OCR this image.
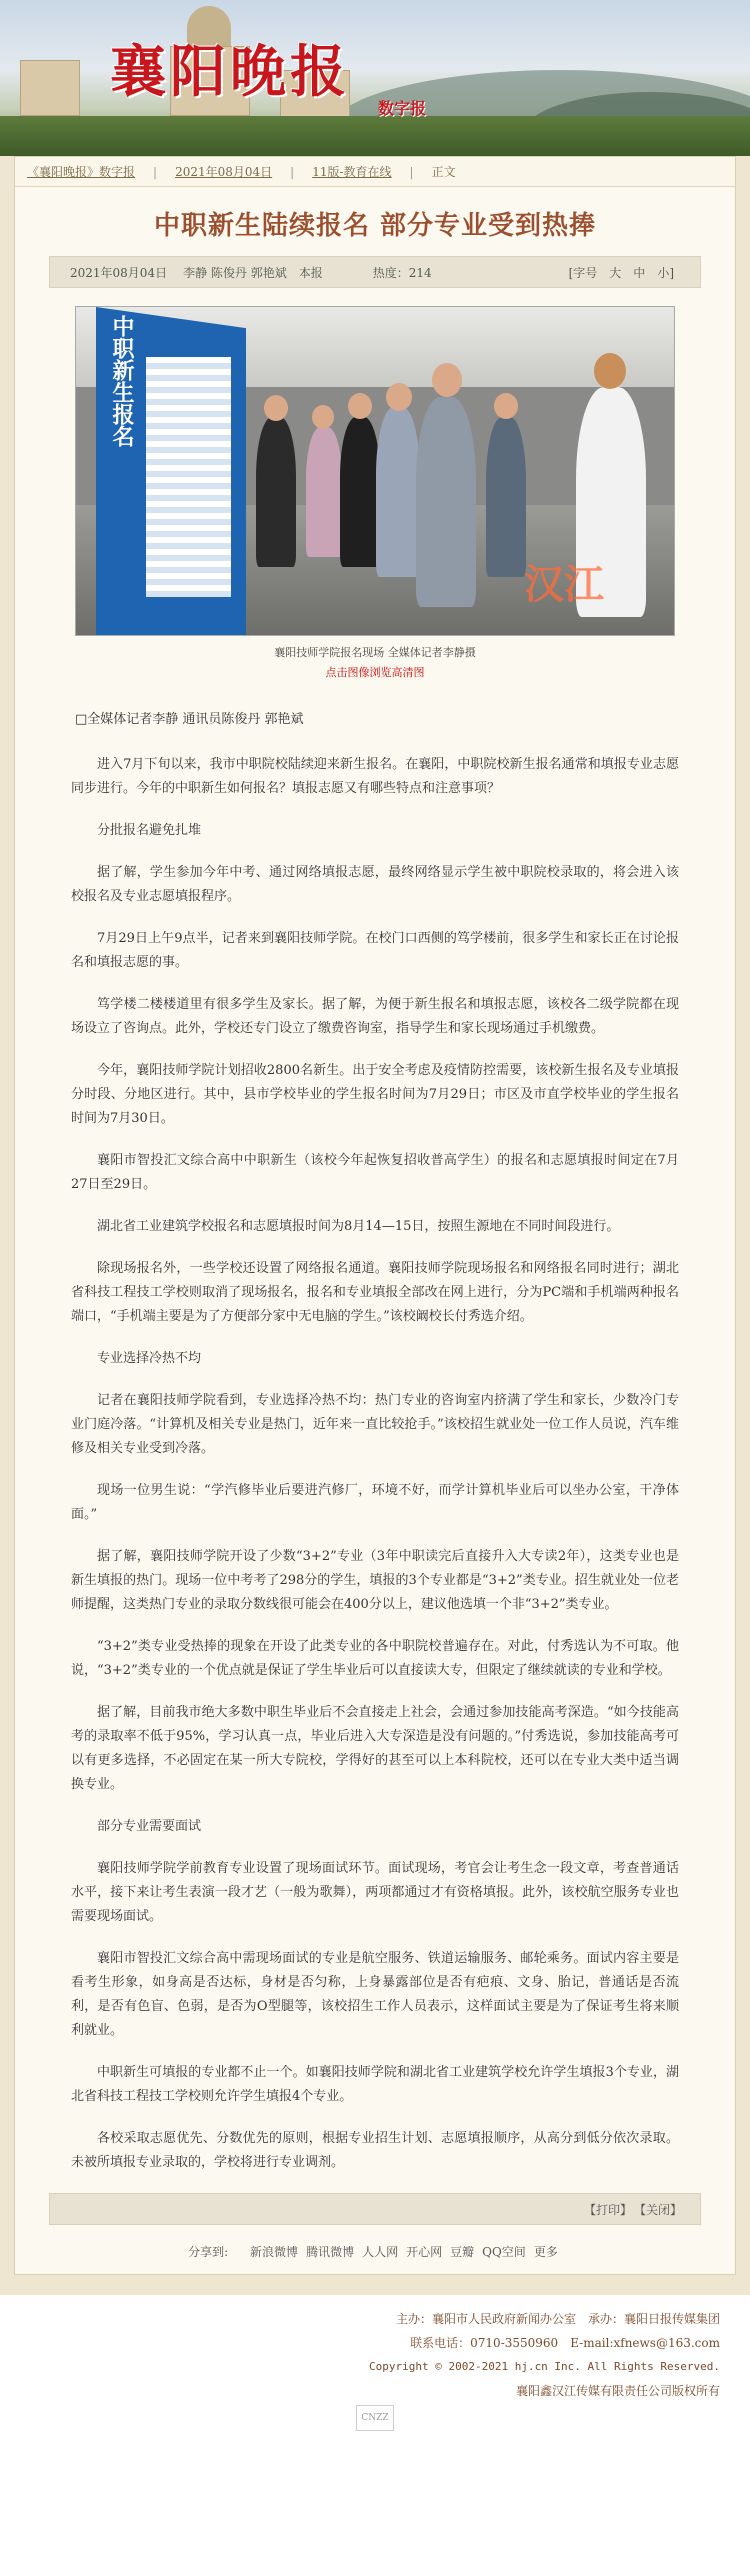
襄阳晚报
数字报
《襄阳晚报》数字报 | 2021年08月04日 | 11版-教育在线 | 正文
中职新生陆续报名 部分专业受到热捧
2021年08月04日 李静 陈俊丹 郭艳斌　本报	热度：214	[字号 大 中 小]
中职新生报名
汉江
襄阳技师学院报名现场 全媒体记者李静摄
点击图像浏览高清图
□全媒体记者李静 通讯员陈俊丹 郭艳斌
进入7月下旬以来，我市中职院校陆续迎来新生报名。在襄阳，中职院校新生报名通常和填报专业志愿同步进行。今年的中职新生如何报名？填报志愿又有哪些特点和注意事项？
分批报名避免扎堆
据了解，学生参加今年中考、通过网络填报志愿，最终网络显示学生被中职院校录取的，将会进入该校报名及专业志愿填报程序。
7月29日上午9点半，记者来到襄阳技师学院。在校门口西侧的笃学楼前，很多学生和家长正在讨论报名和填报志愿的事。
笃学楼二楼楼道里有很多学生及家长。据了解，为便于新生报名和填报志愿，该校各二级学院都在现场设立了咨询点。此外，学校还专门设立了缴费咨询室，指导学生和家长现场通过手机缴费。
今年，襄阳技师学院计划招收2800名新生。出于安全考虑及疫情防控需要，该校新生报名及专业填报分时段、分地区进行。其中，县市学校毕业的学生报名时间为7月29日；市区及市直学校毕业的学生报名时间为7月30日。
襄阳市智投汇文综合高中中职新生（该校今年起恢复招收普高学生）的报名和志愿填报时间定在7月27日至29日。
湖北省工业建筑学校报名和志愿填报时间为8月14—15日，按照生源地在不同时间段进行。
除现场报名外，一些学校还设置了网络报名通道。襄阳技师学院现场报名和网络报名同时进行；湖北省科技工程技工学校则取消了现场报名，报名和专业填报全部改在网上进行，分为PC端和手机端两种报名端口，“手机端主要是为了方便部分家中无电脑的学生。”该校阚校长付秀选介绍。
专业选择冷热不均
记者在襄阳技师学院看到，专业选择冷热不均：热门专业的咨询室内挤满了学生和家长，少数冷门专业门庭冷落。“计算机及相关专业是热门，近年来一直比较抢手。”该校招生就业处一位工作人员说，汽车维修及相关专业受到冷落。
现场一位男生说：“学汽修毕业后要进汽修厂，环境不好，而学计算机毕业后可以坐办公室，干净体面。”
据了解，襄阳技师学院开设了少数“3+2”专业（3年中职读完后直接升入大专读2年），这类专业也是新生填报的热门。现场一位中考考了298分的学生，填报的3个专业都是“3+2”类专业。招生就业处一位老师提醒，这类热门专业的录取分数线很可能会在400分以上，建议他选填一个非“3+2”类专业。
“3+2”类专业受热捧的现象在开设了此类专业的各中职院校普遍存在。对此，付秀选认为不可取。他说，“3+2”类专业的一个优点就是保证了学生毕业后可以直接读大专，但限定了继续就读的专业和学校。
据了解，目前我市绝大多数中职生毕业后不会直接走上社会，会通过参加技能高考深造。“如今技能高考的录取率不低于95%，学习认真一点，毕业后进入大专深造是没有问题的。”付秀选说，参加技能高考可以有更多选择，不必固定在某一所大专院校，学得好的甚至可以上本科院校，还可以在专业大类中适当调换专业。
部分专业需要面试
襄阳技师学院学前教育专业设置了现场面试环节。面试现场，考官会让考生念一段文章，考查普通话水平，接下来让考生表演一段才艺（一般为歌舞），两项都通过才有资格填报。此外，该校航空服务专业也需要现场面试。
襄阳市智投汇文综合高中需现场面试的专业是航空服务、铁道运输服务、邮轮乘务。面试内容主要是看考生形象，如身高是否达标，身材是否匀称，上身暴露部位是否有疤痕、文身、胎记，普通话是否流利，是否有色盲、色弱，是否为O型腿等，该校招生工作人员表示，这样面试主要是为了保证考生将来顺利就业。
中职新生可填报的专业都不止一个。如襄阳技师学院和湖北省工业建筑学校允许学生填报3个专业，湖北省科技工程技工学校则允许学生填报4个专业。
各校采取志愿优先、分数优先的原则，根据专业招生计划、志愿填报顺序，从高分到低分依次录取。未被所填报专业录取的，学校将进行专业调剂。
【打印】 【关闭】
分享到: 新浪微博 腾讯微博 人人网 开心网 豆瓣 QQ空间 更多
主办：襄阳市人民政府新闻办公室　承办：襄阳日报传媒集团
联系电话：0710-3550960　E-mail:xfnews@163.com
Copyright © 2002-2021 hj.cn Inc. All Rights Reserved.
襄阳鑫汉江传媒有限责任公司版权所有
CNZZ
